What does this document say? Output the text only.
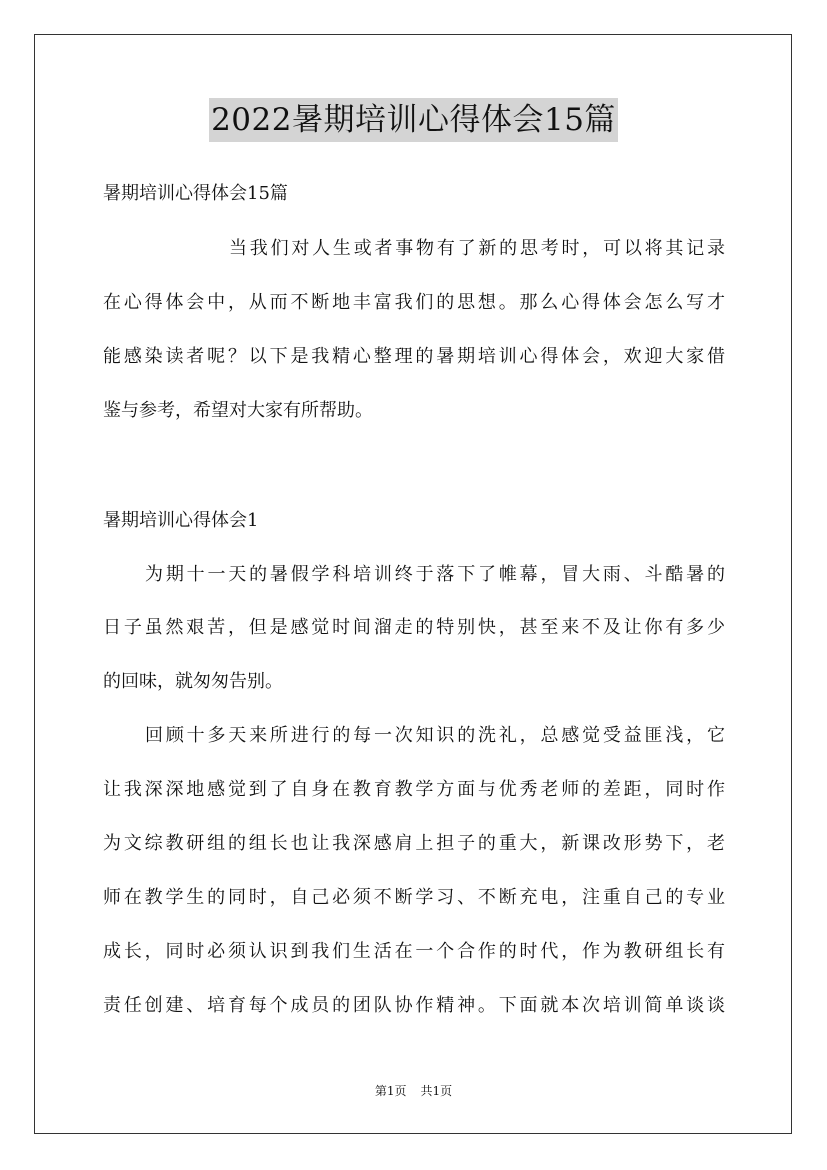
2022暑期培训心得体会15篇
暑期培训心得体会15篇
当我们对人生或者事物有了新的思考时，可以将其记录
在心得体会中，从而不断地丰富我们的思想。那么心得体会怎么写才
能感染读者呢？以下是我精心整理的暑期培训心得体会，欢迎大家借
鉴与参考，希望对大家有所帮助。
暑期培训心得体会1
为期十一天的暑假学科培训终于落下了帷幕，冒大雨、斗酷暑的
日子虽然艰苦，但是感觉时间溜走的特别快，甚至来不及让你有多少
的回味，就匆匆告别。
回顾十多天来所进行的每一次知识的洗礼，总感觉受益匪浅，它
让我深深地感觉到了自身在教育教学方面与优秀老师的差距，同时作
为文综教研组的组长也让我深感肩上担子的重大，新课改形势下，老
师在教学生的同时，自己必须不断学习、不断充电，注重自己的专业
成长，同时必须认识到我们生活在一个合作的时代，作为教研组长有
责任创建、培育每个成员的团队协作精神。下面就本次培训简单谈谈
第1页 共1页
